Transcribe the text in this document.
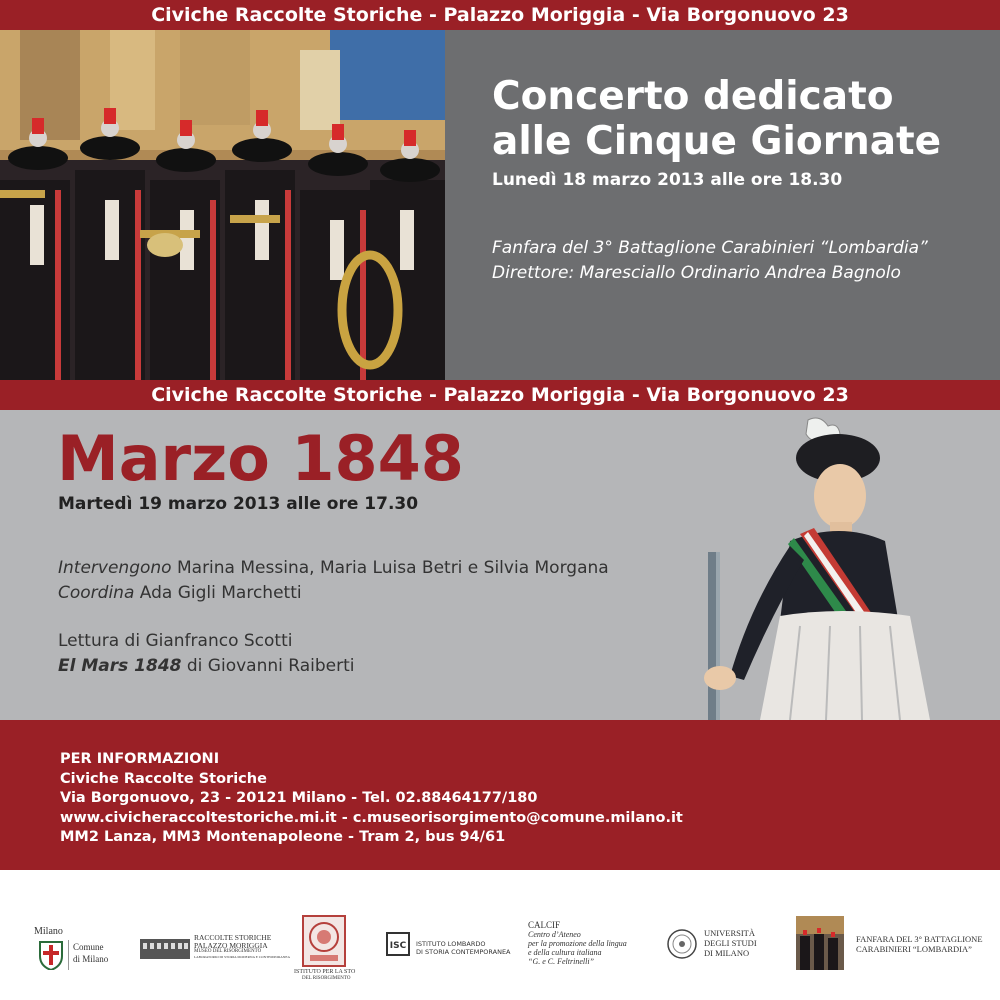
Civiche Raccolte Storiche - Palazzo Moriggia - Via Borgonuovo 23
Concerto dedicato
alle Cinque Giornate
Lunedì 18 marzo 2013 alle ore 18.30
Fanfara del 3° Battaglione Carabinieri “Lombardia”
Direttore: Maresciallo Ordinario Andrea Bagnolo
Civiche Raccolte Storiche - Palazzo Moriggia - Via Borgonuovo 23
Marzo 1848
Martedì 19 marzo 2013 alle ore 17.30
Intervengono Marina Messina, Maria Luisa Betri e Silvia Morgana
Coordina Ada Gigli Marchetti
Lettura di Gianfranco Scotti
El Mars 1848 di Giovanni Raiberti
PER INFORMAZIONI
Civiche Raccolte Storiche
Via Borgonuovo, 23 - 20121 Milano - Tel. 02.88464177/180
www.civicheraccoltestoriche.mi.it - c.museorisorgimento@comune.milano.it
MM2 Lanza, MM3 Montenapoleone - Tram 2, bus 94/61
Milano
Comune
di Milano
RACCOLTE STORICHE
PALAZZO MORIGGIA
MUSEO DEL RISORGIMENTO
LABORATORIO DI STORIA MODERNA E CONTEMPORANEA
ISTITUTO PER LA STO
DEL RISORGIMENTO
ISC	ISTITUTO LOMBARDO
DI STORIA CONTEMPORANEA
CALCIF
Centro d’Ateneo
per la promozione della lingua
e della cultura italiana
“G. e C. Feltrinelli”
UNIVERSITÀ
DEGLI STUDI
DI MILANO
FANFARA DEL 3° BATTAGLIONE
CARABINIERI “LOMBARDIA”
